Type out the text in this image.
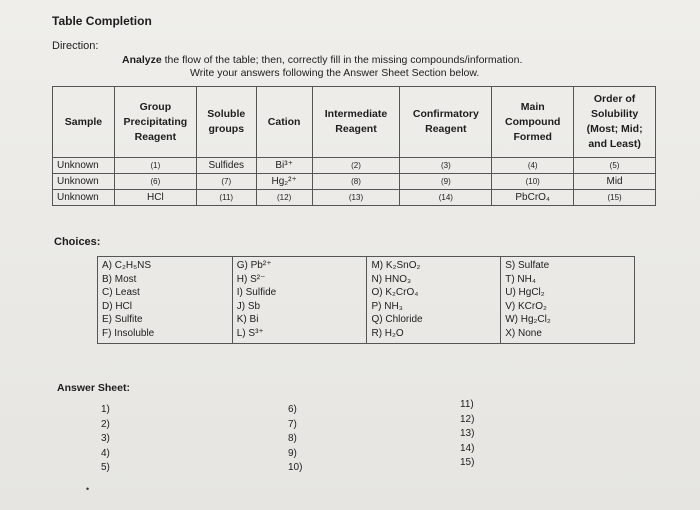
Table Completion
Direction:
Analyze the flow of the table; then, correctly fill in the missing compounds/information.
Write your answers following the Answer Sheet Section below.
Sample	Group Precipitating Reagent	Soluble groups	Cation	Intermediate Reagent	Confirmatory Reagent	Main Compound Formed	Order of Solubility (Most; Mid; and Least)
Unknown	(1)	Sulfides	Bi³⁺	(2)	(3)	(4)	(5)
Unknown	(6)	(7)	Hg₂²⁺	(8)	(9)	(10)	Mid
Unknown	HCl	(11)	(12)	(13)	(14)	PbCrO₄	(15)
Choices:
A) C₂H₅NS
B) Most
C) Least
D) HCl
E) Sulfite
F) Insoluble

G) Pb²⁺
H) S²⁻
I) Sulfide
J) Sb
K) Bi
L) S³⁺

M) K₂SnO₂
N) HNO₃
O) K₂CrO₄
P) NH₃
Q) Chloride
R) H₂O

S) Sulfate
T) NH₄
U) HgCl₂
V) KCrO₂
W) Hg₂Cl₂
X) None
Answer Sheet:
1)
2)
3)
4)
5)
6)
7)
8)
9)
10)
11)
12)
13)
14)
15)
•
